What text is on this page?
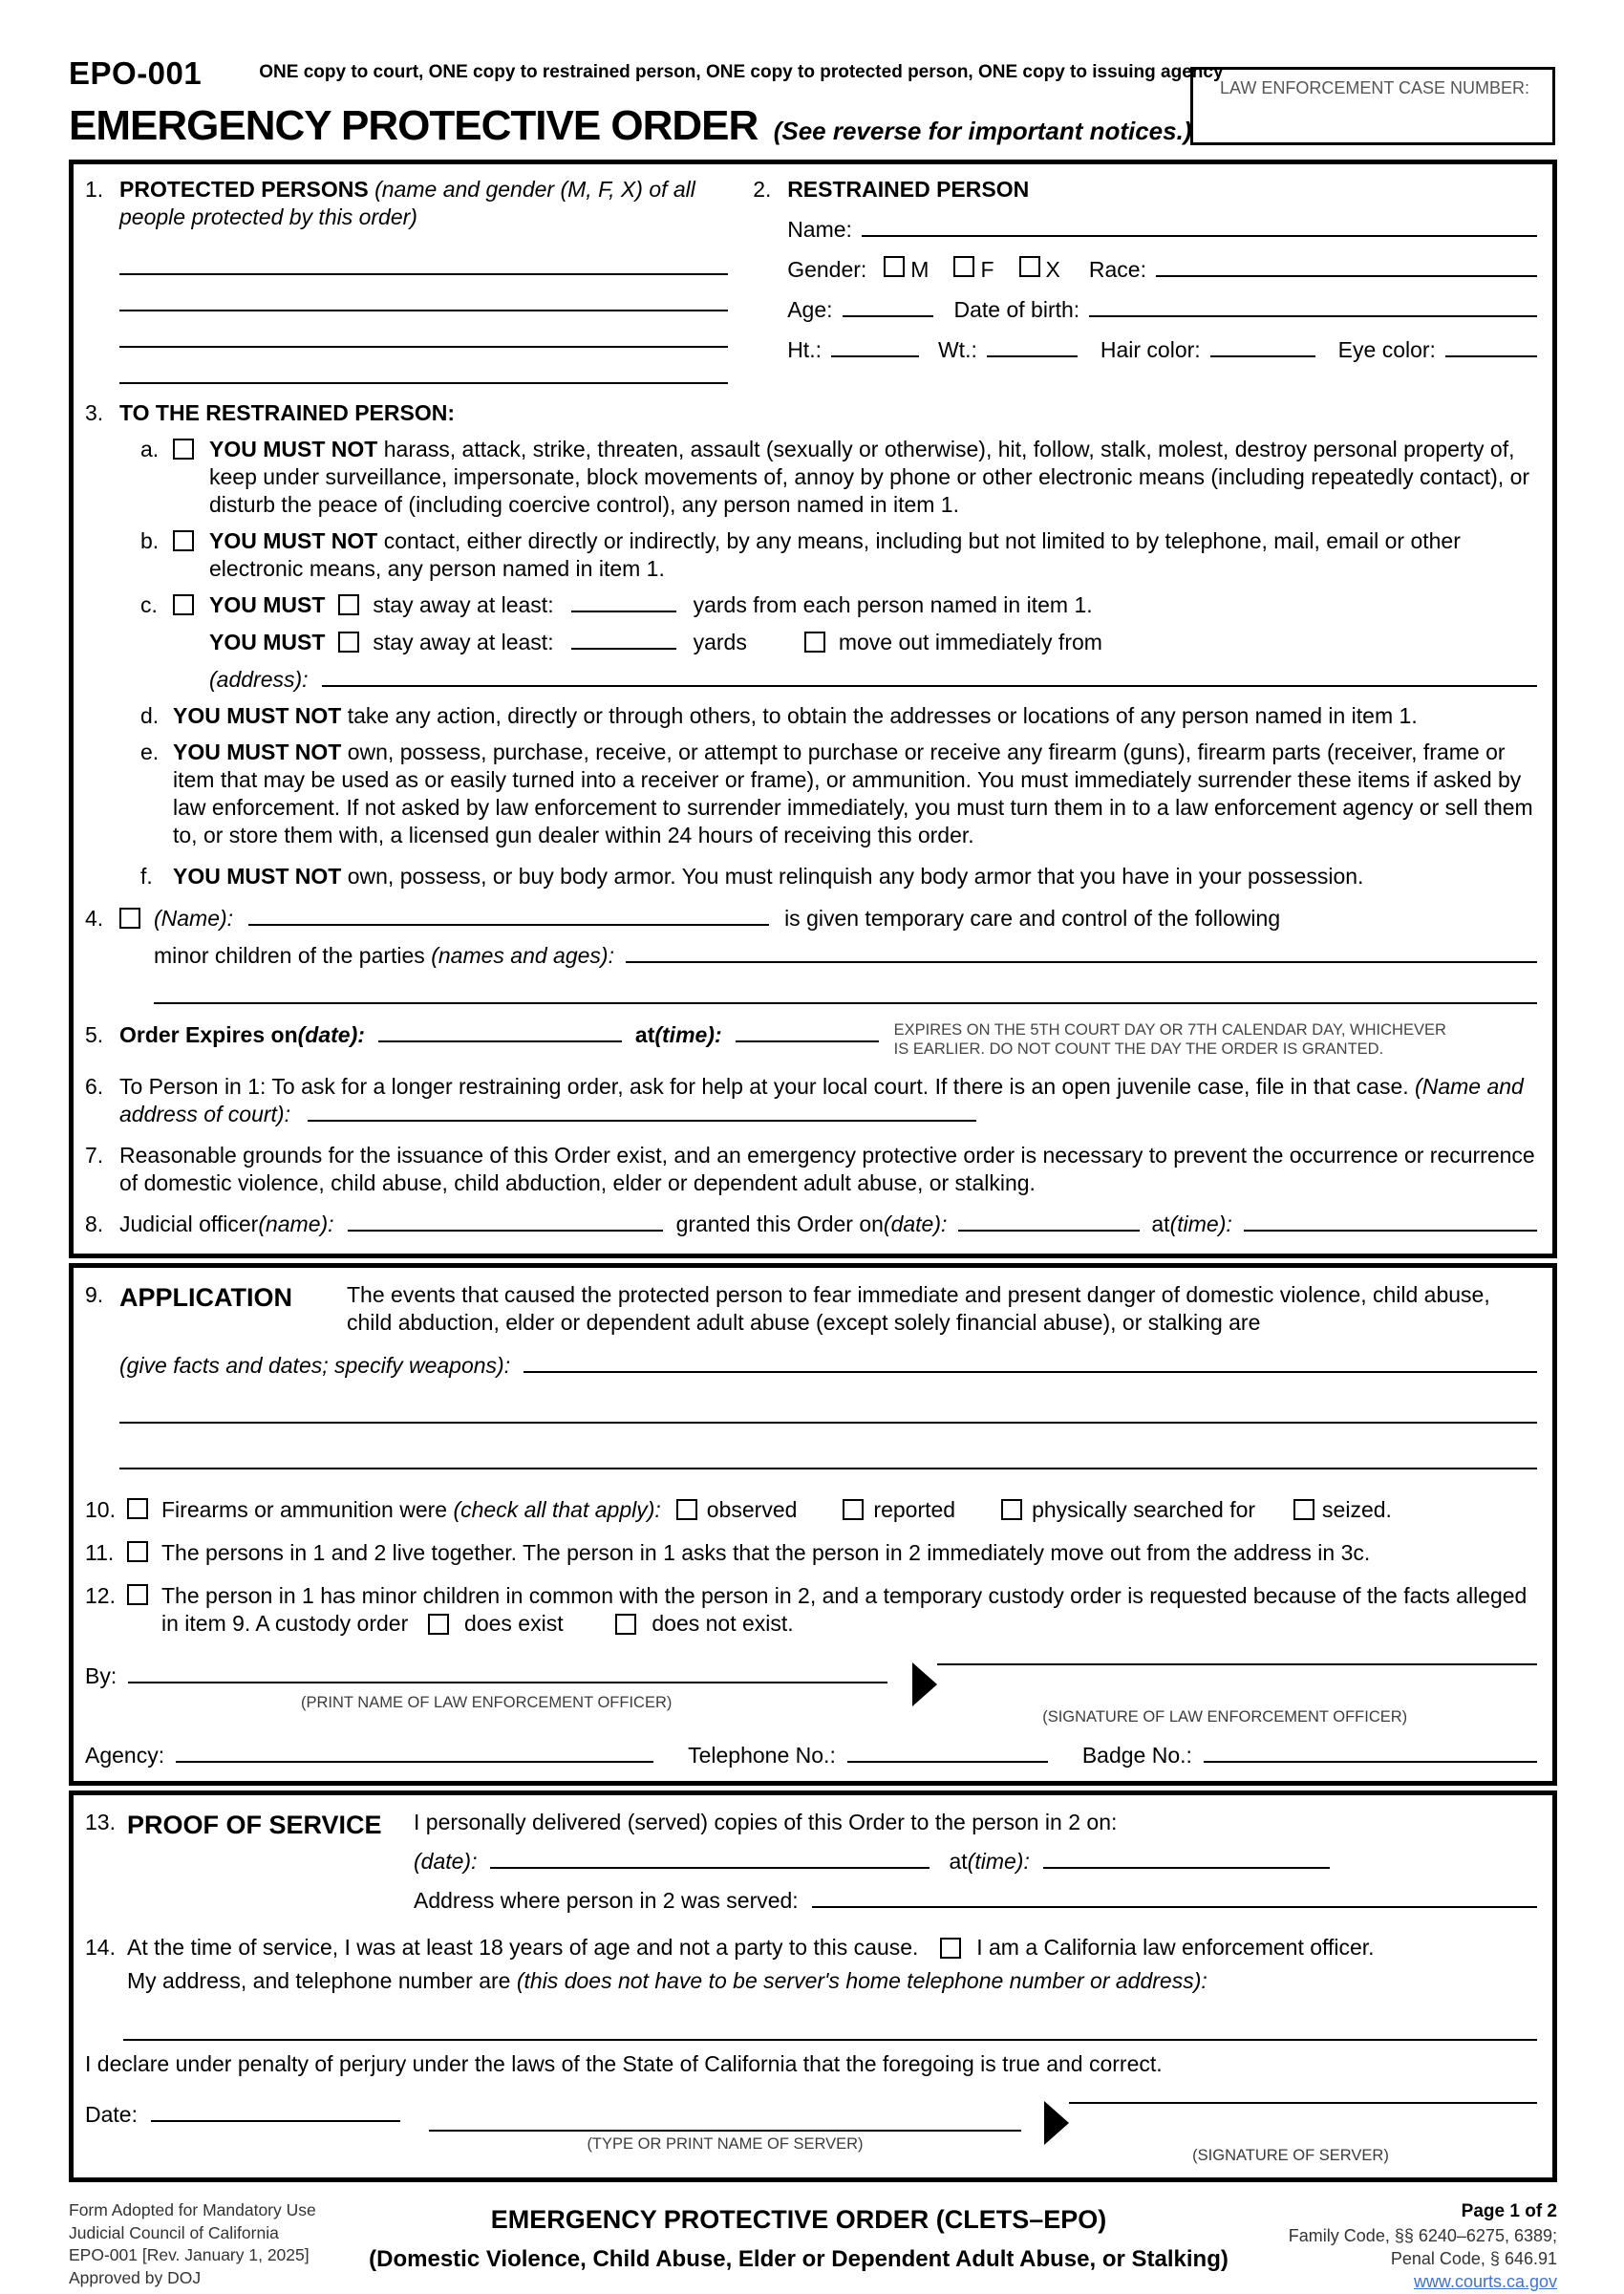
EPO-001	ONE copy to court, ONE copy to restrained person, ONE copy to protected person, ONE copy to issuing agency
LAW ENFORCEMENT CASE NUMBER:
EMERGENCY PROTECTIVE ORDER (See reverse for important notices.)
1. PROTECTED PERSONS (name and gender (M, F, X) of all people protected by this order)
2. RESTRAINED PERSON
Name:
Gender: M F X Race:
Age:	Date of birth:
Ht.:	Wt.:	Hair color:	Eye color:
3. TO THE RESTRAINED PERSON:
a.	YOU MUST NOT harass, attack, strike, threaten, assault (sexually or otherwise), hit, follow, stalk, molest, destroy personal property of, keep under surveillance, impersonate, block movements of, annoy by phone or other electronic means (including repeatedly contact), or disturb the peace of (including coercive control), any person named in item 1.
b.	YOU MUST NOT contact, either directly or indirectly, by any means, including but not limited to by telephone, mail, email or other electronic means, any person named in item 1.
c.	YOU MUST stay away at least:	yards from each person named in item 1.
YOU MUST stay away at least:	yards	move out immediately from
(address):
d. YOU MUST NOT take any action, directly or through others, to obtain the addresses or locations of any person named in item 1.
e. YOU MUST NOT own, possess, purchase, receive, or attempt to purchase or receive any firearm (guns), firearm parts (receiver, frame or item that may be used as or easily turned into a receiver or frame), or ammunition. You must immediately surrender these items if asked by law enforcement. If not asked by law enforcement to surrender immediately, you must turn them in to a law enforcement agency or sell them to, or store them with, a licensed gun dealer within 24 hours of receiving this order.
f. YOU MUST NOT own, possess, or buy body armor. You must relinquish any body armor that you have in your possession.
4.	(Name):	is given temporary care and control of the following
minor children of the parties (names and ages):
5. Order Expires on (date):	at (time):	EXPIRES ON THE 5TH COURT DAY OR 7TH CALENDAR DAY, WHICHEVER
IS EARLIER. DO NOT COUNT THE DAY THE ORDER IS GRANTED.
6. To Person in 1: To ask for a longer restraining order, ask for help at your local court. If there is an open juvenile case, file in that case. (Name and address of court):
7. Reasonable grounds for the issuance of this Order exist, and an emergency protective order is necessary to prevent the occurrence or recurrence of domestic violence, child abuse, child abduction, elder or dependent adult abuse, or stalking.
8. Judicial officer (name):	granted this Order on (date):	at (time):
9. APPLICATION	The events that caused the protected person to fear immediate and present danger of domestic violence, child abuse, child abduction, elder or dependent adult abuse (except solely financial abuse), or stalking are
(give facts and dates; specify weapons):
10.	Firearms or ammunition were (check all that apply): observed	reported	physically searched for	seized.
11.	The persons in 1 and 2 live together. The person in 1 asks that the person in 2 immediately move out from the address in 3c.
12.	The person in 1 has minor children in common with the person in 2, and a temporary custody order is requested because of the facts alleged in item 9. A custody order	does exist	does not exist.
By:
(PRINT NAME OF LAW ENFORCEMENT OFFICER)
(SIGNATURE OF LAW ENFORCEMENT OFFICER)
Agency:	Telephone No.:	Badge No.:
13. PROOF OF SERVICE	I personally delivered (served) copies of this Order to the person in 2 on:
(date):	at (time):
Address where person in 2 was served:
14. At the time of service, I was at least 18 years of age and not a party to this cause.	I am a California law enforcement officer.
My address, and telephone number are (this does not have to be server's home telephone number or address):
I declare under penalty of perjury under the laws of the State of California that the foregoing is true and correct.
Date:
(TYPE OR PRINT NAME OF SERVER)
(SIGNATURE OF SERVER)
Form Adopted for Mandatory Use
Judicial Council of California
EPO-001 [Rev. January 1, 2025]
Approved by DOJ
EMERGENCY PROTECTIVE ORDER (CLETS–EPO)
(Domestic Violence, Child Abuse, Elder or Dependent Adult Abuse, or Stalking)
Page 1 of 2
Family Code, §§ 6240–6275, 6389;
Penal Code, § 646.91
www.courts.ca.gov
